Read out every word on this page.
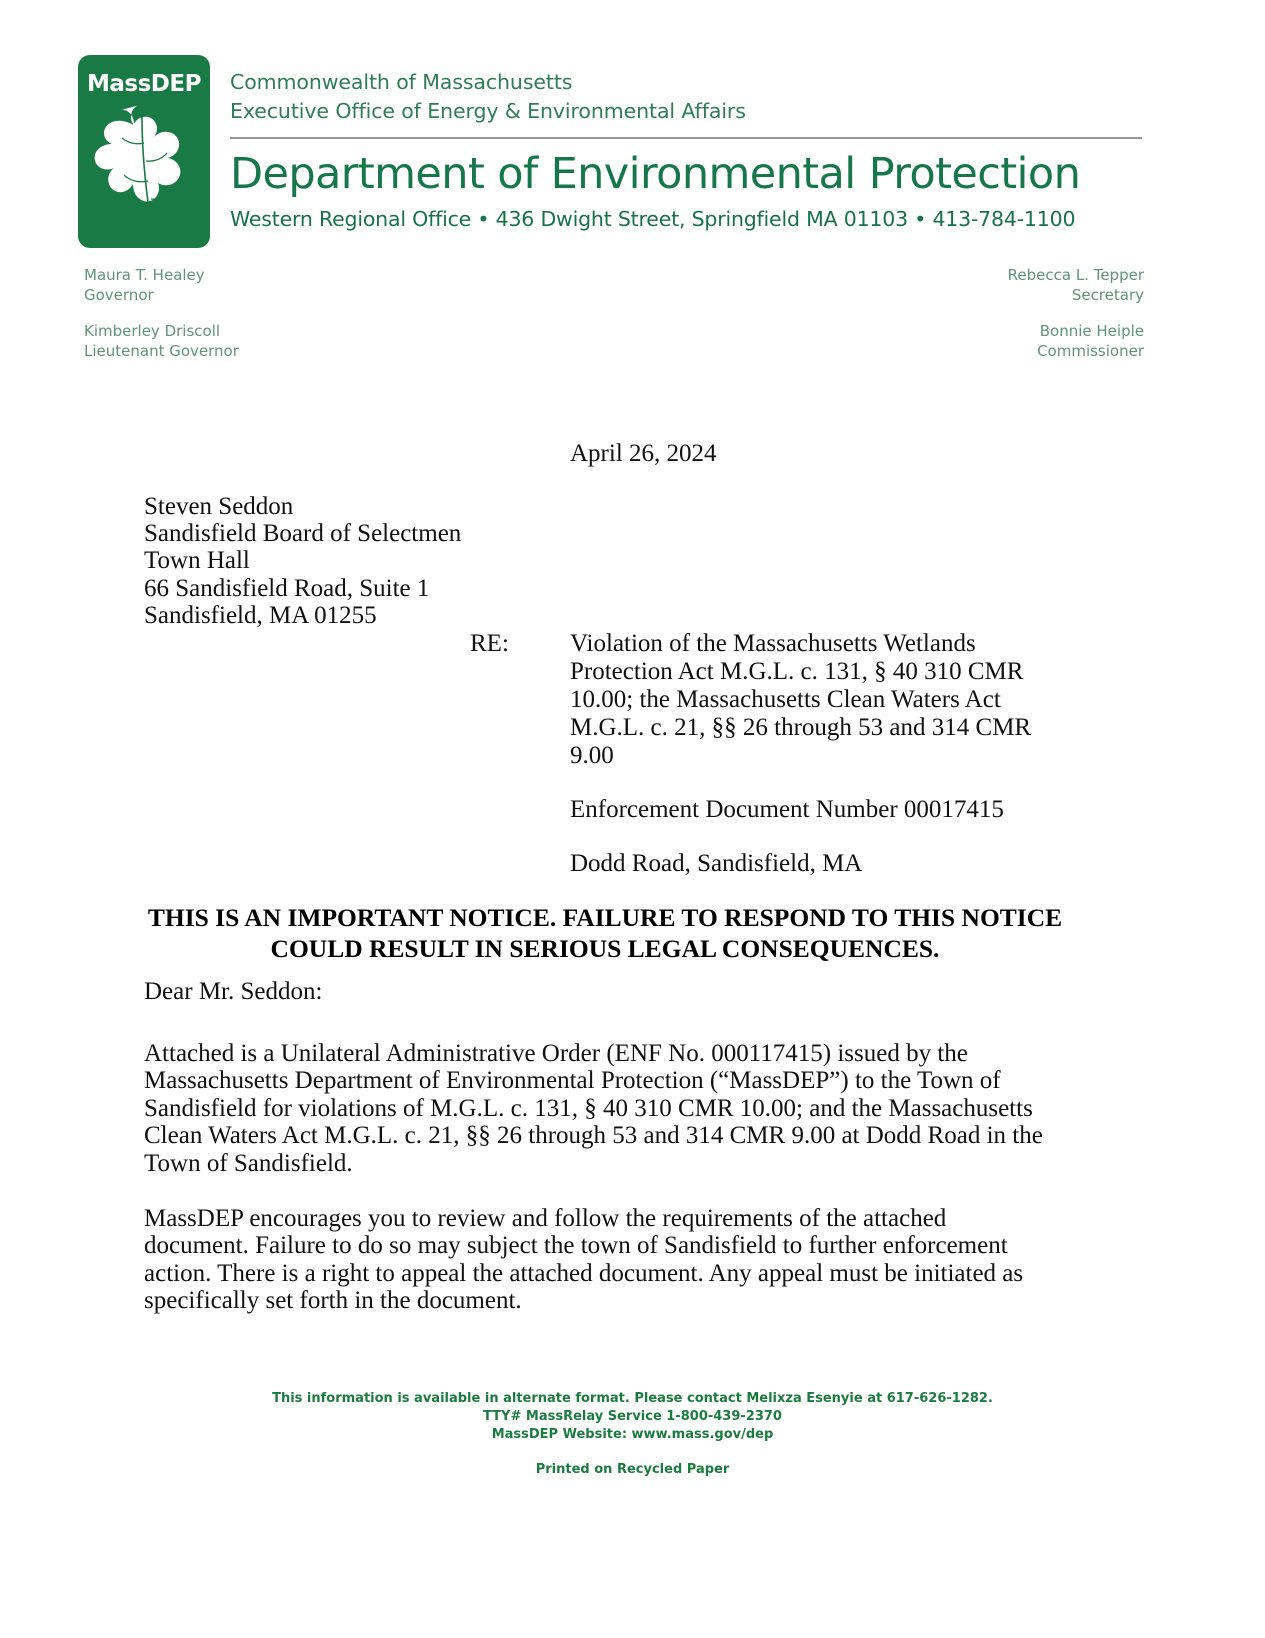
MassDEP	Commonwealth of Massachusetts
Executive Office of Energy & Environmental Affairs
Department of Environmental Protection
Western Regional Office • 436 Dwight Street, Springfield MA 01103 • 413-784-1100
Maura T. Healey
Governor
Kimberley Driscoll
Lieutenant Governor
Rebecca L. Tepper
Secretary
Bonnie Heiple
Commissioner
April 26, 2024
Steven Seddon
Sandisfield Board of Selectmen
Town Hall
66 Sandisfield Road, Suite 1
Sandisfield, MA 01255
RE: Violation of the Massachusetts Wetlands Protection Act M.G.L. c. 131, § 40 310 CMR 10.00; the Massachusetts Clean Waters Act M.G.L. c. 21, §§ 26 through 53 and 314 CMR 9.00
Enforcement Document Number 00017415
Dodd Road, Sandisfield, MA
THIS IS AN IMPORTANT NOTICE. FAILURE TO RESPOND TO THIS NOTICE COULD RESULT IN SERIOUS LEGAL CONSEQUENCES.
Dear Mr. Seddon:
Attached is a Unilateral Administrative Order (ENF No. 000117415) issued by the Massachusetts Department of Environmental Protection (“MassDEP”) to the Town of Sandisfield for violations of M.G.L. c. 131, § 40 310 CMR 10.00; and the Massachusetts Clean Waters Act M.G.L. c. 21, §§ 26 through 53 and 314 CMR 9.00 at Dodd Road in the Town of Sandisfield.
MassDEP encourages you to review and follow the requirements of the attached document. Failure to do so may subject the town of Sandisfield to further enforcement action. There is a right to appeal the attached document. Any appeal must be initiated as specifically set forth in the document.
This information is available in alternate format. Please contact Melixza Esenyie at 617-626-1282.
TTY# MassRelay Service 1-800-439-2370
MassDEP Website: www.mass.gov/dep
Printed on Recycled Paper
